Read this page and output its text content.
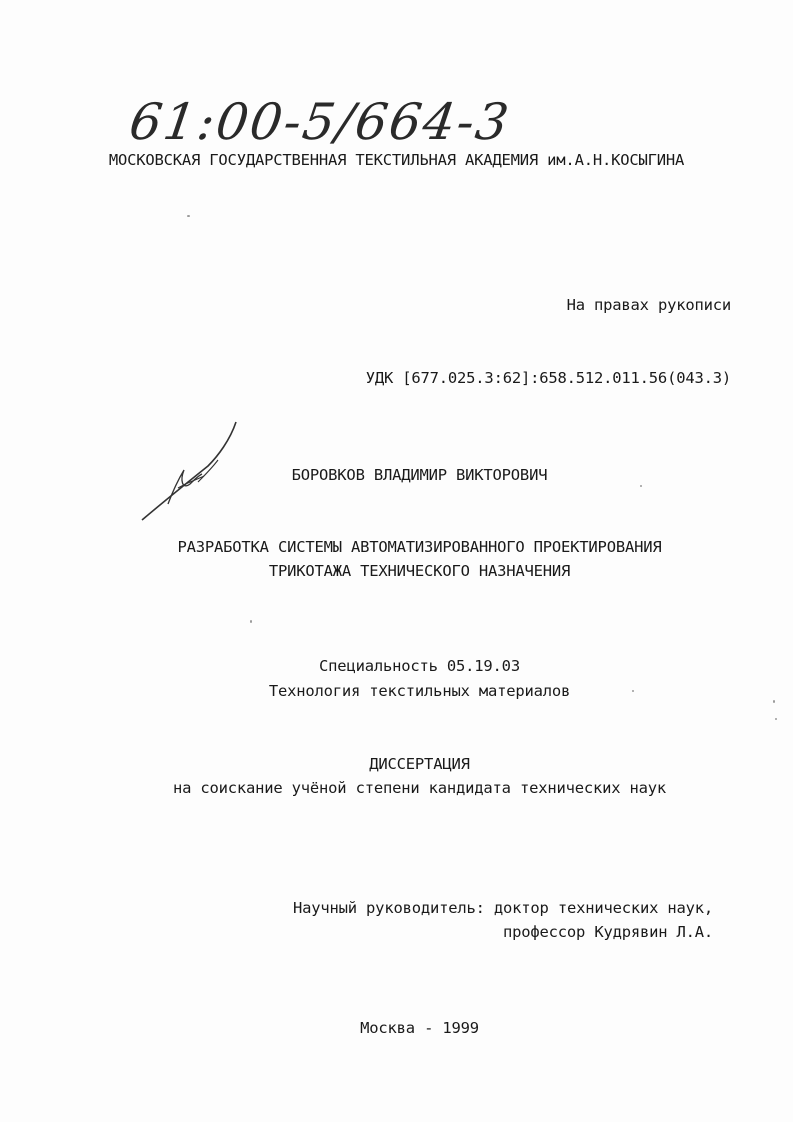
61:00-5/664-3
МОСКОВСКАЯ ГОСУДАРСТВЕННАЯ ТЕКСТИЛЬНАЯ АКАДЕМИЯ им.А.Н.КОСЫГИНА
На правах рукописи
УДК [677.025.3:62]:658.512.011.56(043.3)
БОРОВКОВ ВЛАДИМИР ВИКТОРОВИЧ
РАЗРАБОТКА СИСТЕМЫ АВТОМАТИЗИРОВАННОГО ПРОЕКТИРОВАНИЯ
ТРИКОТАЖА ТЕХНИЧЕСКОГО НАЗНАЧЕНИЯ
Специальность 05.19.03
Технология текстильных материалов
ДИССЕРТАЦИЯ
на соискание учёной степени кандидата технических наук
Научный руководитель: доктор технических наук,
профессор Кудрявин Л.А.
Москва - 1999
